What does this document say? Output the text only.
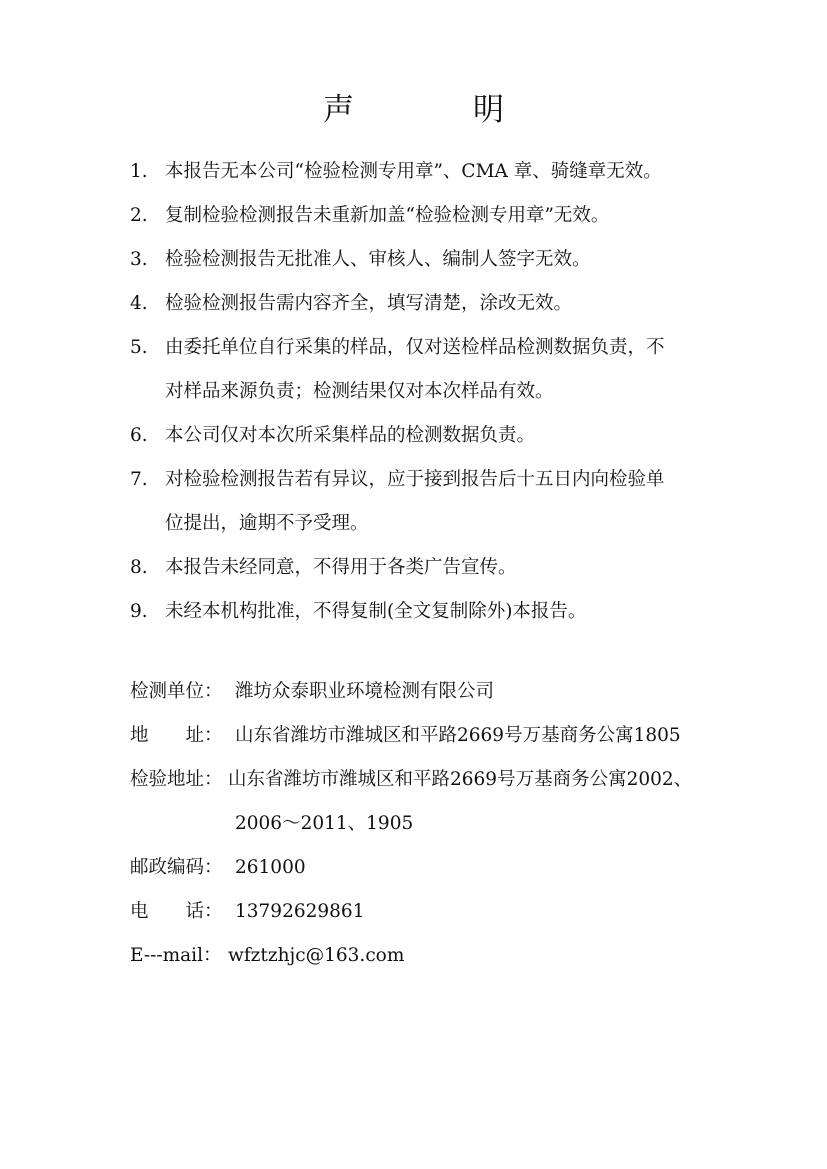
声　明
1. 本报告无本公司“检验检测专用章”、CMA 章、骑缝章无效。
2. 复制检验检测报告未重新加盖“检验检测专用章”无效。
3. 检验检测报告无批准人、审核人、编制人签字无效。
4. 检验检测报告需内容齐全，填写清楚，涂改无效。
5. 由委托单位自行采集的样品，仅对送检样品检测数据负责，不
对样品来源负责；检测结果仅对本次样品有效。
6. 本公司仅对本次所采集样品的检测数据负责。
7. 对检验检测报告若有异议，应于接到报告后十五日内向检验单
位提出，逾期不予受理。
8. 本报告未经同意，不得用于各类广告宣传。
9. 未经本机构批准，不得复制(全文复制除外)本报告。
检测单位： 潍坊众泰职业环境检测有限公司
地　　址： 山东省潍坊市潍城区和平路2669号万基商务公寓1805
检验地址： 山东省潍坊市潍城区和平路2669号万基商务公寓2002、
2006～2011、1905
邮政编码： 261000
电　　话： 13792629861
E---mail： wfztzhjc@163.com
